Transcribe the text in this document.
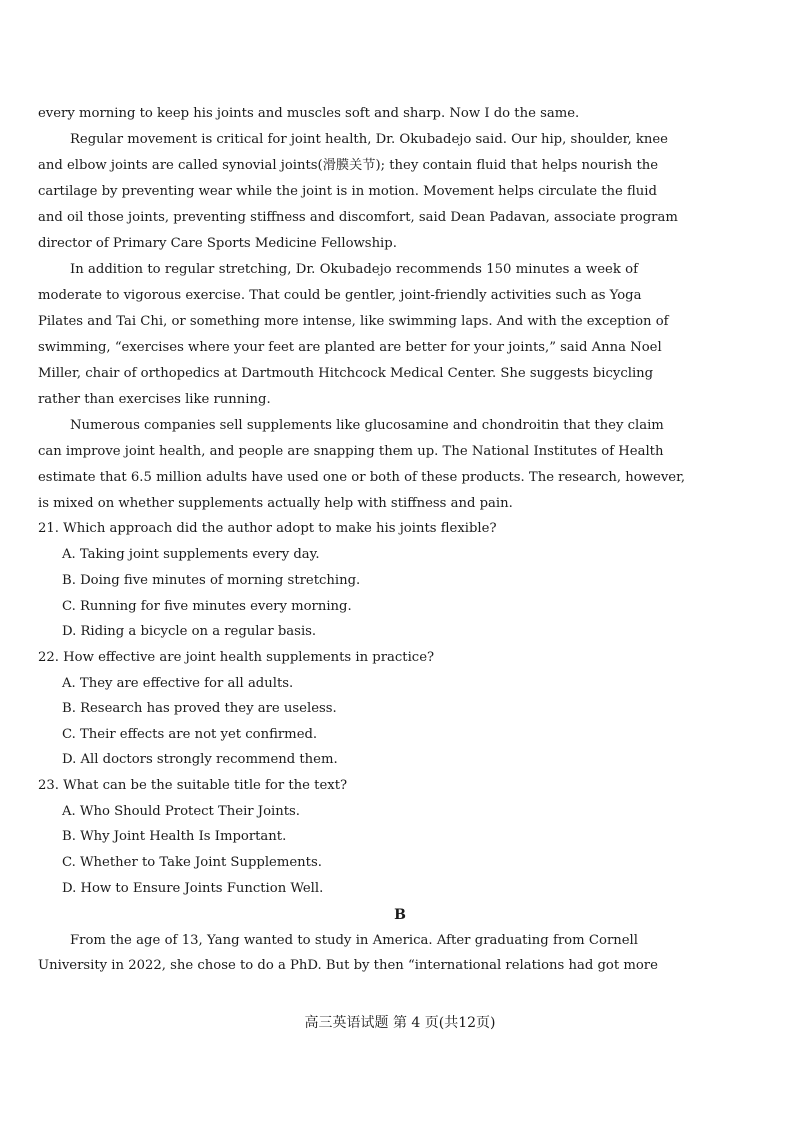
every morning to keep his joints and muscles soft and sharp. Now I do the same.
Regular movement is critical for joint health, Dr. Okubadejo said. Our hip, shoulder, knee
and elbow joints are called synovial joints(滑膜关节); they contain fluid that helps nourish the
cartilage by preventing wear while the joint is in motion. Movement helps circulate the fluid
and oil those joints, preventing stiffness and discomfort, said Dean Padavan, associate program
director of Primary Care Sports Medicine Fellowship.
In addition to regular stretching, Dr. Okubadejo recommends 150 minutes a week of
moderate to vigorous exercise. That could be gentler, joint-friendly activities such as Yoga
Pilates and Tai Chi, or something more intense, like swimming laps. And with the exception of
swimming, “exercises where your feet are planted are better for your joints,” said Anna Noel
Miller, chair of orthopedics at Dartmouth Hitchcock Medical Center. She suggests bicycling
rather than exercises like running.
Numerous companies sell supplements like glucosamine and chondroitin that they claim
can improve joint health, and people are snapping them up. The National Institutes of Health
estimate that 6.5 million adults have used one or both of these products. The research, however,
is mixed on whether supplements actually help with stiffness and pain.
21. Which approach did the author adopt to make his joints flexible?
A. Taking joint supplements every day.
B. Doing five minutes of morning stretching.
C. Running for five minutes every morning.
D. Riding a bicycle on a regular basis.
22. How effective are joint health supplements in practice?
A. They are effective for all adults.
B. Research has proved they are useless.
C. Their effects are not yet confirmed.
D. All doctors strongly recommend them.
23. What can be the suitable title for the text?
A. Who Should Protect Their Joints.
B. Why Joint Health Is Important.
C. Whether to Take Joint Supplements.
D. How to Ensure Joints Function Well.
B
From the age of 13, Yang wanted to study in America. After graduating from Cornell
University in 2022, she chose to do a PhD. But by then “international relations had got more
高三英语试题 第 4 页(共12页)
